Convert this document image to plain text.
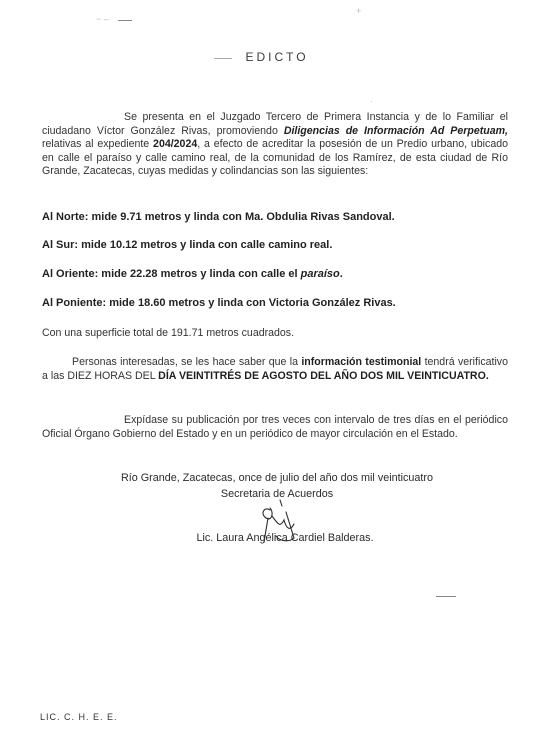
~ ‒
+
·
EDICTO

Se presenta en el Juzgado Tercero de Primera Instancia y de lo Familiar el ciudadano Víctor González Rivas, promoviendo Diligencias de Información Ad Perpetuam, relativas al expediente 204/2024, a efecto de acreditar la posesión de un Predio urbano, ubicado en calle el paraíso y calle camino real, de la comunidad de los Ramírez, de esta ciudad de Río Grande, Zacatecas, cuyas medidas y colindancias son las siguientes:

Al Norte: mide 9.71 metros y linda con Ma. Obdulia Rivas Sandoval.

Al Sur: mide 10.12 metros y linda con calle camino real.

Al Oriente: mide 22.28 metros y linda con calle el paraíso.

Al Poniente: mide 18.60 metros y linda con Victoria González Rivas.

Con una superficie total de 191.71 metros cuadrados.

Personas interesadas, se les hace saber que la información testimonial tendrá verificativo a las DIEZ HORAS DEL DÍA VEINTITRÉS DE AGOSTO DEL AÑO DOS MIL VEINTICUATRO.

Expídase su publicación por tres veces con intervalo de tres días en el periódico Oficial Órgano Gobierno del Estado y en un periódico de mayor circulación en el Estado.

Río Grande, Zacatecas, once de julio del año dos mil veinticuatro
Secretaria de Acuerdos
Lic. Laura Angélica Cardiel Balderas.
LIC. C. H. E. E.
